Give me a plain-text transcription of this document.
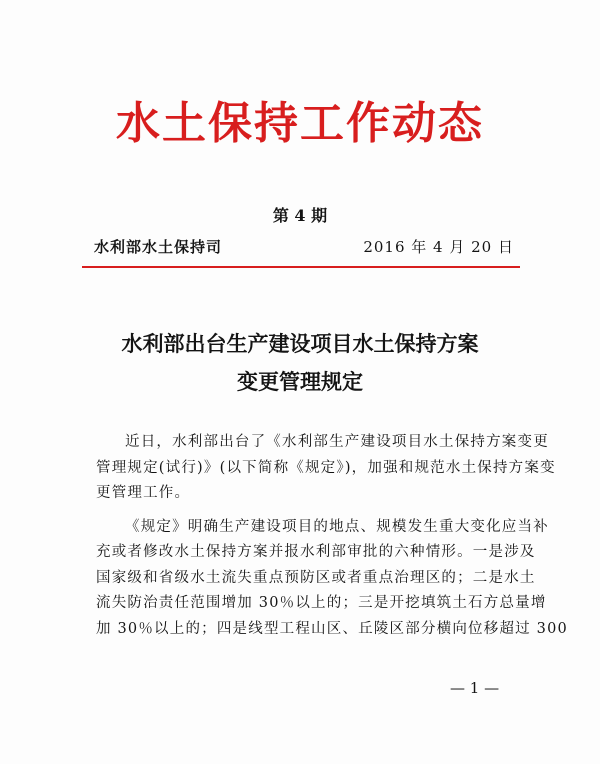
水土保持工作动态
第 4 期
水利部水土保持司	2016 年 4 月 20 日
水利部出台生产建设项目水土保持方案
变更管理规定
近日，水利部出台了《水利部生产建设项目水土保持方案变更
管理规定(试行)》(以下简称《规定》)，加强和规范水土保持方案变
更管理工作。
《规定》明确生产建设项目的地点、规模发生重大变化应当补
充或者修改水土保持方案并报水利部审批的六种情形。一是涉及
国家级和省级水土流失重点预防区或者重点治理区的；二是水土
流失防治责任范围增加 30％以上的；三是开挖填筑土石方总量增
加 30％以上的；四是线型工程山区、丘陵区部分横向位移超过 300
— 1 —
